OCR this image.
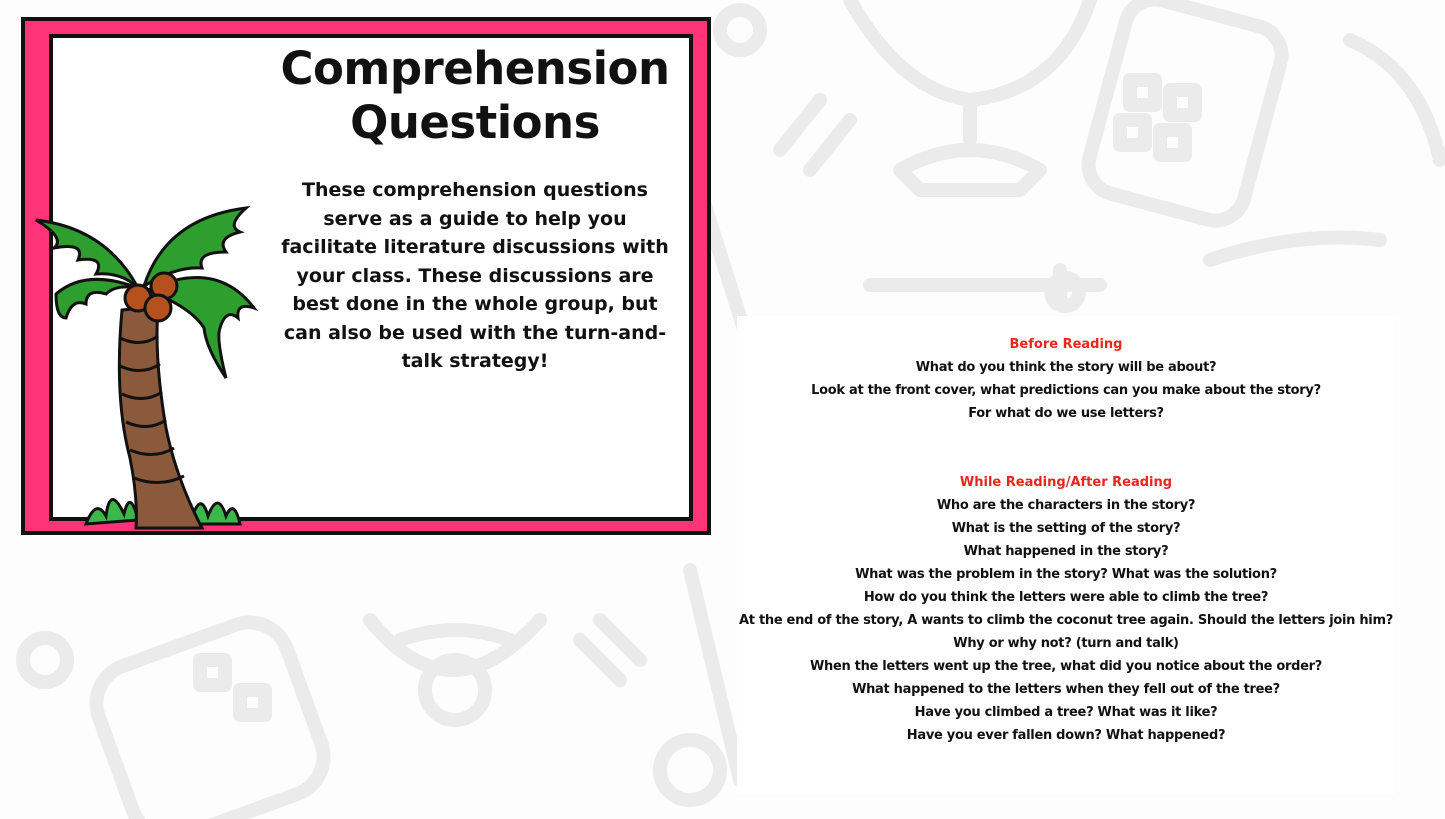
Comprehension Questions
These comprehension questions serve as a guide to help you facilitate literature discussions with your class. These discussions are best done in the whole group, but can also be used with the turn-and-talk strategy!
Before Reading
What do you think the story will be about?
Look at the front cover, what predictions can you make about the story?
For what do we use letters?
While Reading/After Reading
Who are the characters in the story?
What is the setting of the story?
What happened in the story?
What was the problem in the story? What was the solution?
How do you think the letters were able to climb the tree?
At the end of the story, A wants to climb the coconut tree again. Should the letters join him? Why or why not? (turn and talk)
When the letters went up the tree, what did you notice about the order?
What happened to the letters when they fell out of the tree?
Have you climbed a tree? What was it like?
Have you ever fallen down? What happened?
